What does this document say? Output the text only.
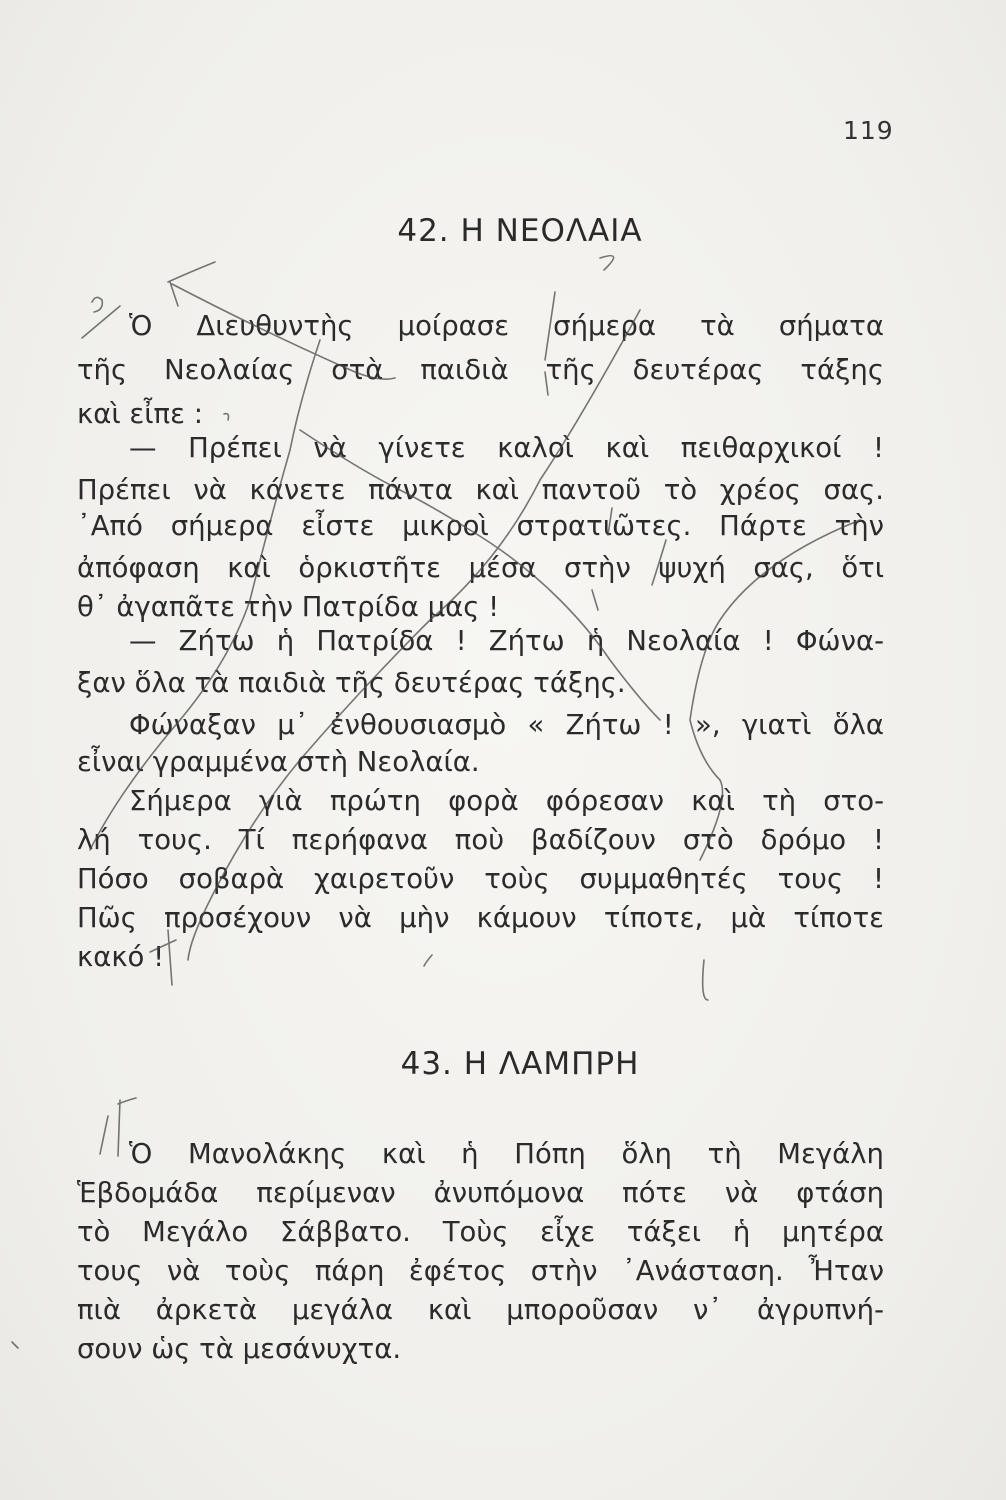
119
42. Η ΝΕΟΛΑΙΑ
Ὁ Διευθυντὴς μοίρασε σήμερα τὰ σήματα
τῆς Νεολαίας στὰ παιδιὰ τῆς δευτέρας τάξης
καὶ εἶπε :
— Πρέπει νὰ γίνετε καλοὶ καὶ πειθαρχικοί !
Πρέπει νὰ κάνετε πάντα καὶ παντοῦ τὸ χρέος σας.
᾿Από σήμερα εἶστε μικροὶ στρατιῶτες. Πάρτε τὴν
ἀπόφαση καὶ ὁρκιστῆτε μέσα στὴν ψυχή σας, ὅτι
θ᾿ ἀγαπᾶτε τὴν Πατρίδα μας !
— Ζήτω ἡ Πατρίδα ! Ζήτω ἡ Νεολαία ! Φώνα-
ξαν ὅλα τὰ παιδιὰ τῆς δευτέρας τάξης.
Φώναξαν μ᾿ ἐνθουσιασμὸ « Ζήτω ! », γιατὶ ὅλα
εἶναι γραμμένα στὴ Νεολαία.
Σήμερα γιὰ πρώτη φορὰ φόρεσαν καὶ τὴ στο-
λή τους. Τί περήφανα ποὺ βαδίζουν στὸ δρόμο !
Πόσο σοβαρὰ χαιρετοῦν τοὺς συμμαθητές τους !
Πῶς προσέχουν νὰ μὴν κάμουν τίποτε, μὰ τίποτε
κακό !
43. Η ΛΑΜΠΡΗ
Ὁ Μανολάκης καὶ ἡ Πόπη ὅλη τὴ Μεγάλη
Ἑβδομάδα περίμεναν ἀνυπόμονα πότε νὰ φτάση
τὸ Μεγάλο Σάββατο. Τοὺς εἶχε τάξει ἡ μητέρα
τους νὰ τοὺς πάρη ἐφέτος στὴν ᾿Ανάσταση. Ἦταν
πιὰ ἀρκετὰ μεγάλα καὶ μποροῦσαν ν᾿ ἀγρυπνή-
σουν ὡς τὰ μεσάνυχτα.
